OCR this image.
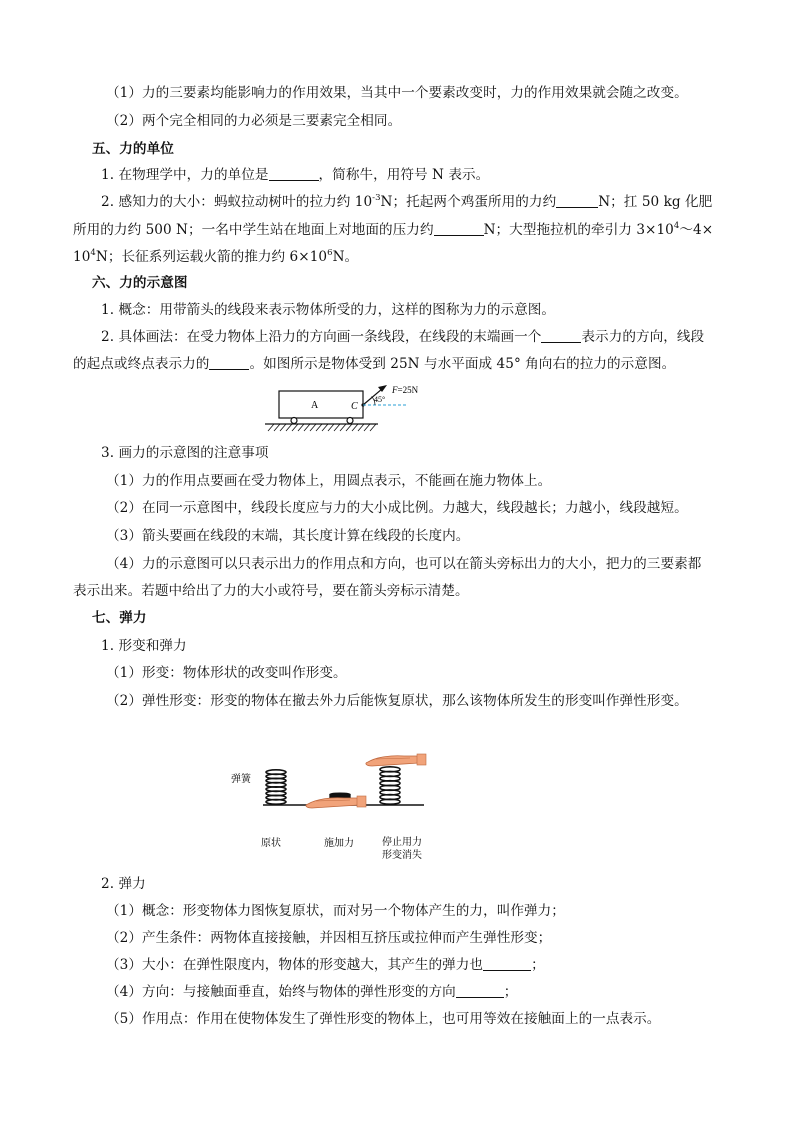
（1）力的三要素均能影响力的作用效果，当其中一个要素改变时，力的作用效果就会随之改变。
（2）两个完全相同的力必须是三要素完全相同。
五、力的单位
1. 在物理学中，力的单位是	，简称牛，用符号 N 表示。
2. 感知力的大小：蚂蚁拉动树叶的拉力约 $10^{-3}N$；托起两个鸡蛋所用的力约	N；扛 50 kg 化肥
所用的力约 500 N；一名中学生站在地面上对地面的压力约	N；大型拖拉机的牵引力 $3\times 10^4\sim 4\times$
$10^4N$；长征系列运载火箭的推力约 $6\times 10^6N$。
六、力的示意图
1. 概念：用带箭头的线段来表示物体所受的力，这样的图称为力的示意图。
2. 具体画法：在受力物体上沿力的方向画一条线段，在线段的末端画一个	表示力的方向，线段
的起点或终点表示力的	。如图所示是物体受到 25N 与水平面成 45° 角向右的拉力的示意图。
A	C
45°
F=25N
3. 画力的示意图的注意事项
（1）力的作用点要画在受力物体上，用圆点表示，不能画在施力物体上。
（2）在同一示意图中，线段长度应与力的大小成比例。力越大，线段越长；力越小，线段越短。
（3）箭头要画在线段的末端，其长度计算在线段的长度内。
（4）力的示意图可以只表示出力的作用点和方向，也可以在箭头旁标出力的大小，把力的三要素都
表示出来。若题中给出了力的大小或符号，要在箭头旁标示清楚。
七、弹力
1. 形变和弹力
（1）形变：物体形状的改变叫作形变。
（2）弹性形变：形变的物体在撤去外力后能恢复原状，那么该物体所发生的形变叫作弹性形变。
弹簧
原状	施加力	停止用力
形变消失
2. 弹力
（1）概念：形变物体力图恢复原状，而对另一个物体产生的力，叫作弹力；
（2）产生条件：两物体直接接触，并因相互挤压或拉伸而产生弹性形变；
（3）大小：在弹性限度内，物体的形变越大，其产生的弹力也	；
（4）方向：与接触面垂直，始终与物体的弹性形变的方向	；
（5）作用点：作用在使物体发生了弹性形变的物体上，也可用等效在接触面上的一点表示。
